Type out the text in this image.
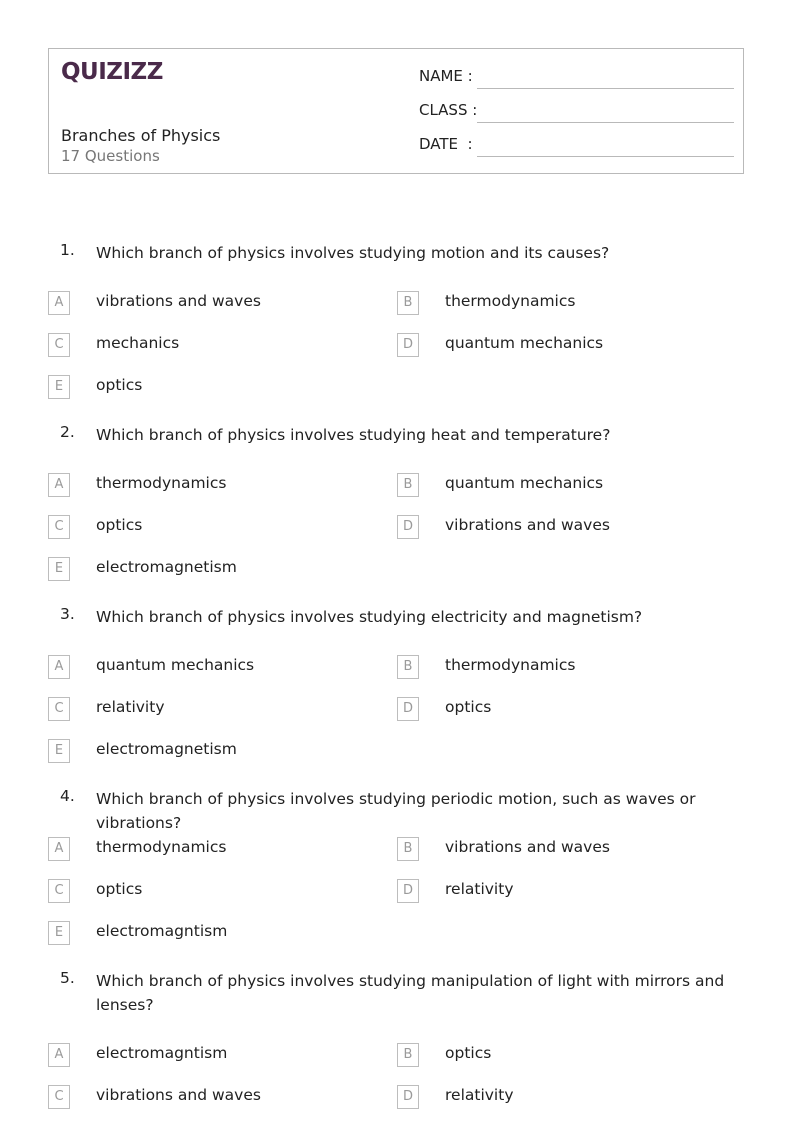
QUIZIZZ
Branches of Physics
17 Questions
NAME :
CLASS :
DATE  :
1. Which branch of physics involves studying motion and its causes?
A	vibrations and waves	B	thermodynamics
C	mechanics	D	quantum mechanics
E	optics
2. Which branch of physics involves studying heat and temperature?
A	thermodynamics	B	quantum mechanics
C	optics	D	vibrations and waves
E	electromagnetism
3. Which branch of physics involves studying electricity and magnetism?
A	quantum mechanics	B	thermodynamics
C	relativity	D	optics
E	electromagnetism
4. Which branch of physics involves studying periodic motion, such as waves or vibrations?
A	thermodynamics	B	vibrations and waves
C	optics	D	relativity
E	electromagntism
5. Which branch of physics involves studying manipulation of light with mirrors and lenses?
A	electromagntism	B	optics
C	vibrations and waves	D	relativity
